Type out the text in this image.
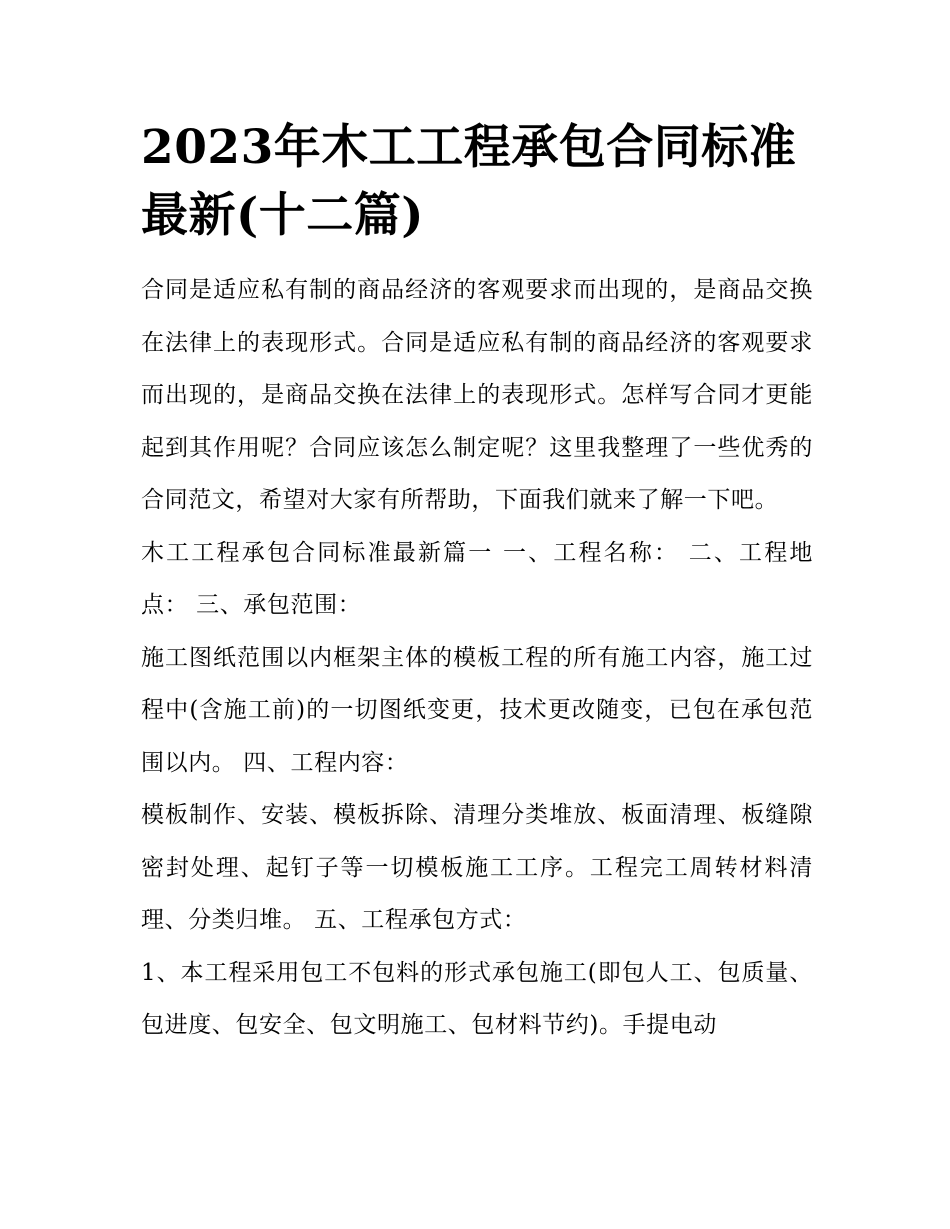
2023年木工工程承包合同标准最新(十二篇)

合同是适应私有制的商品经济的客观要求而出现的，是商品交换在法律上的表现形式。合同是适应私有制的商品经济的客观要求而出现的，是商品交换在法律上的表现形式。怎样写合同才更能起到其作用呢？合同应该怎么制定呢？这里我整理了一些优秀的合同范文，希望对大家有所帮助，下面我们就来了解一下吧。

木工工程承包合同标准最新篇一 一、工程名称： 二、工程地点： 三、承包范围：

施工图纸范围以内框架主体的模板工程的所有施工内容，施工过程中(含施工前)的一切图纸变更，技术更改随变，已包在承包范围以内。 四、工程内容：

模板制作、安装、模板拆除、清理分类堆放、板面清理、板缝隙密封处理、起钉子等一切模板施工工序。工程完工周转材料清理、分类归堆。 五、工程承包方式：

1、本工程采用包工不包料的形式承包施工(即包人工、包质量、包进度、包安全、包文明施工、包材料节约)。手提电动
